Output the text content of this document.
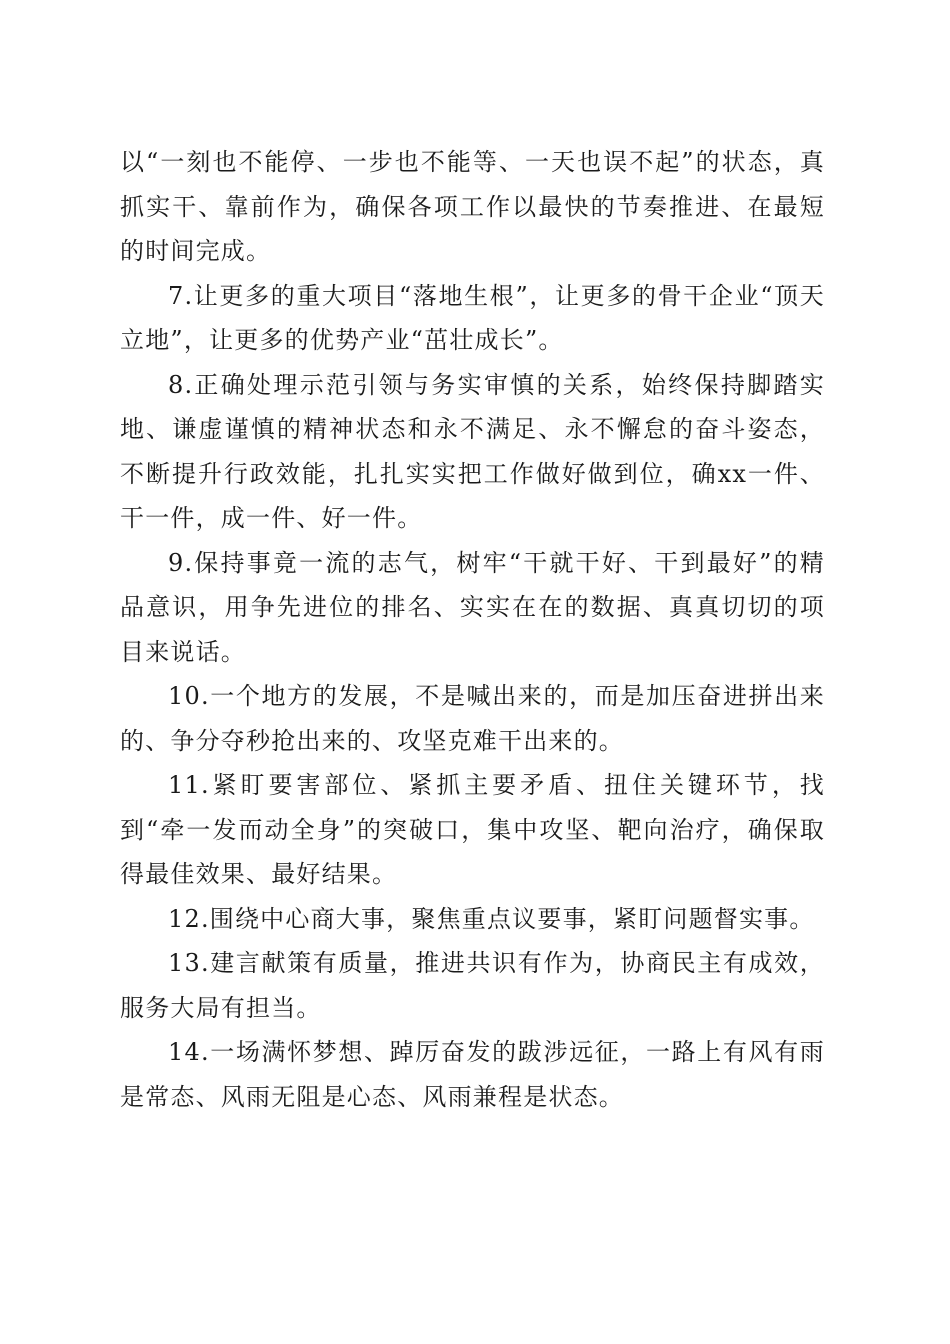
以“一刻也不能停、一步也不能等、一天也误不起”的状态，真抓实干、靠前作为，确保各项工作以最快的节奏推进、在最短的时间完成。

7.让更多的重大项目“落地生根”，让更多的骨干企业“顶天立地”，让更多的优势产业“茁壮成长”。

8.正确处理示范引领与务实审慎的关系，始终保持脚踏实地、谦虚谨慎的精神状态和永不满足、永不懈怠的奋斗姿态，不断提升行政效能，扎扎实实把工作做好做到位，确xx一件、干一件，成一件、好一件。

9.保持事竟一流的志气，树牢“干就干好、干到最好”的精品意识，用争先进位的排名、实实在在的数据、真真切切的项目来说话。

10.一个地方的发展，不是喊出来的，而是加压奋进拼出来的、争分夺秒抢出来的、攻坚克难干出来的。

11.紧盯要害部位、紧抓主要矛盾、扭住关键环节，找到“牵一发而动全身”的突破口，集中攻坚、靶向治疗，确保取得最佳效果、最好结果。

12.围绕中心商大事，聚焦重点议要事，紧盯问题督实事。

13.建言献策有质量，推进共识有作为，协商民主有成效，服务大局有担当。

14.一场满怀梦想、踔厉奋发的跋涉远征，一路上有风有雨是常态、风雨无阻是心态、风雨兼程是状态。
